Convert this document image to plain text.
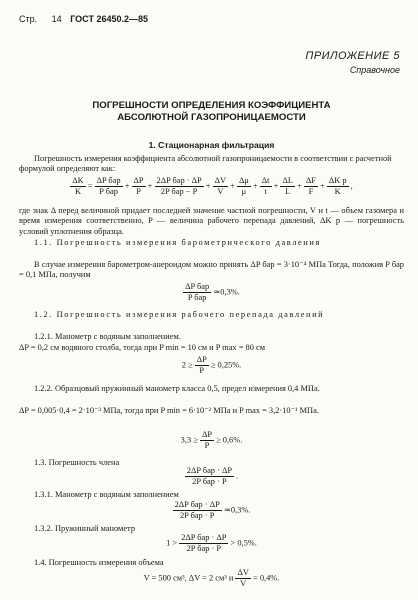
Стр. 14 ГОСТ 26450.2—85
ПРИЛОЖЕНИЕ 5
Справочное
ПОГРЕШНОСТИ ОПРЕДЕЛЕНИЯ КОЭФФИЦИЕНТА
АБСОЛЮТНОЙ ГАЗОПРОНИЦАЕМОСТИ
1. Стационарная фильтрация
Погрешность измерения коэффициента абсолютной газопроницаемости в соответствии с расчетной формулой определяют как:
$\frac{\Delta K}{K} = \frac{\text{ΔP бар}}{\text{P бар}} + \frac{\Delta P}{P} + \frac{\text{2ΔP бар · ΔP}}{\text{2P бар − P}} + \frac{\Delta V}{V} + \frac{\Delta\mu}{\mu} + \frac{\Delta t}{t} + \frac{\Delta L}{L} + \frac{\Delta F}{F} + \frac{\text{ΔK р}}{K}$ ,
где знак Δ перед величиной придает последней значение частной погрешности, V и t — объем газомера и время измерения соответственно, P — величина рабочего перепада давлений, ΔK р — погрешность условий уплотнения образца.
1.1. Погрешность измерения барометрического давления
В случае измерения барометром-анероидом можно принять ΔP бар = 3·10⁻⁴ МПа Тогда, положив P бар = 0,1 МПа, получим
$\frac{\text{ΔP бар}}{\text{P бар}}$ ≃0,3%.
1.2. Погрешность измерения рабочего перепада давлений
1.2.1. Манометр с водяным заполнением.
ΔP = 0,2 см водяного столба, тогда при P min = 10 см и P max = 80 см
$2 \ge \frac{\Delta P}{P} \ge 0,25\%$.
1.2.2. Образцовый пружинный манометр класса 0,5, предел измерения 0,4 МПа.
ΔP = 0,005·0,4 = 2·10⁻³ МПа, тогда при P min = 6·10⁻² МПа и P max = 3,2·10⁻¹ МПа.
$3,3 \ge \frac{\Delta P}{P} \ge 0,6\%$.
1.3. Погрешность члена
$\frac{\text{2ΔP бар · ΔP}}{\text{2P бар · P}}$ .
1.3.1. Манометр с водяным заполнением
$\frac{\text{2ΔP бар · ΔP}}{\text{2P бар · P}}$ ≃0,3%.
1.3.2. Пружинный манометр
$1 > \frac{\text{2ΔP бар · ΔP}}{\text{2P бар · P}} > 0,5\%$.
1.4. Погрешность измерения объема
V = 500 см³, ΔV = 2 см³ и $\frac{\Delta V}{V} = 0,4\%$.
